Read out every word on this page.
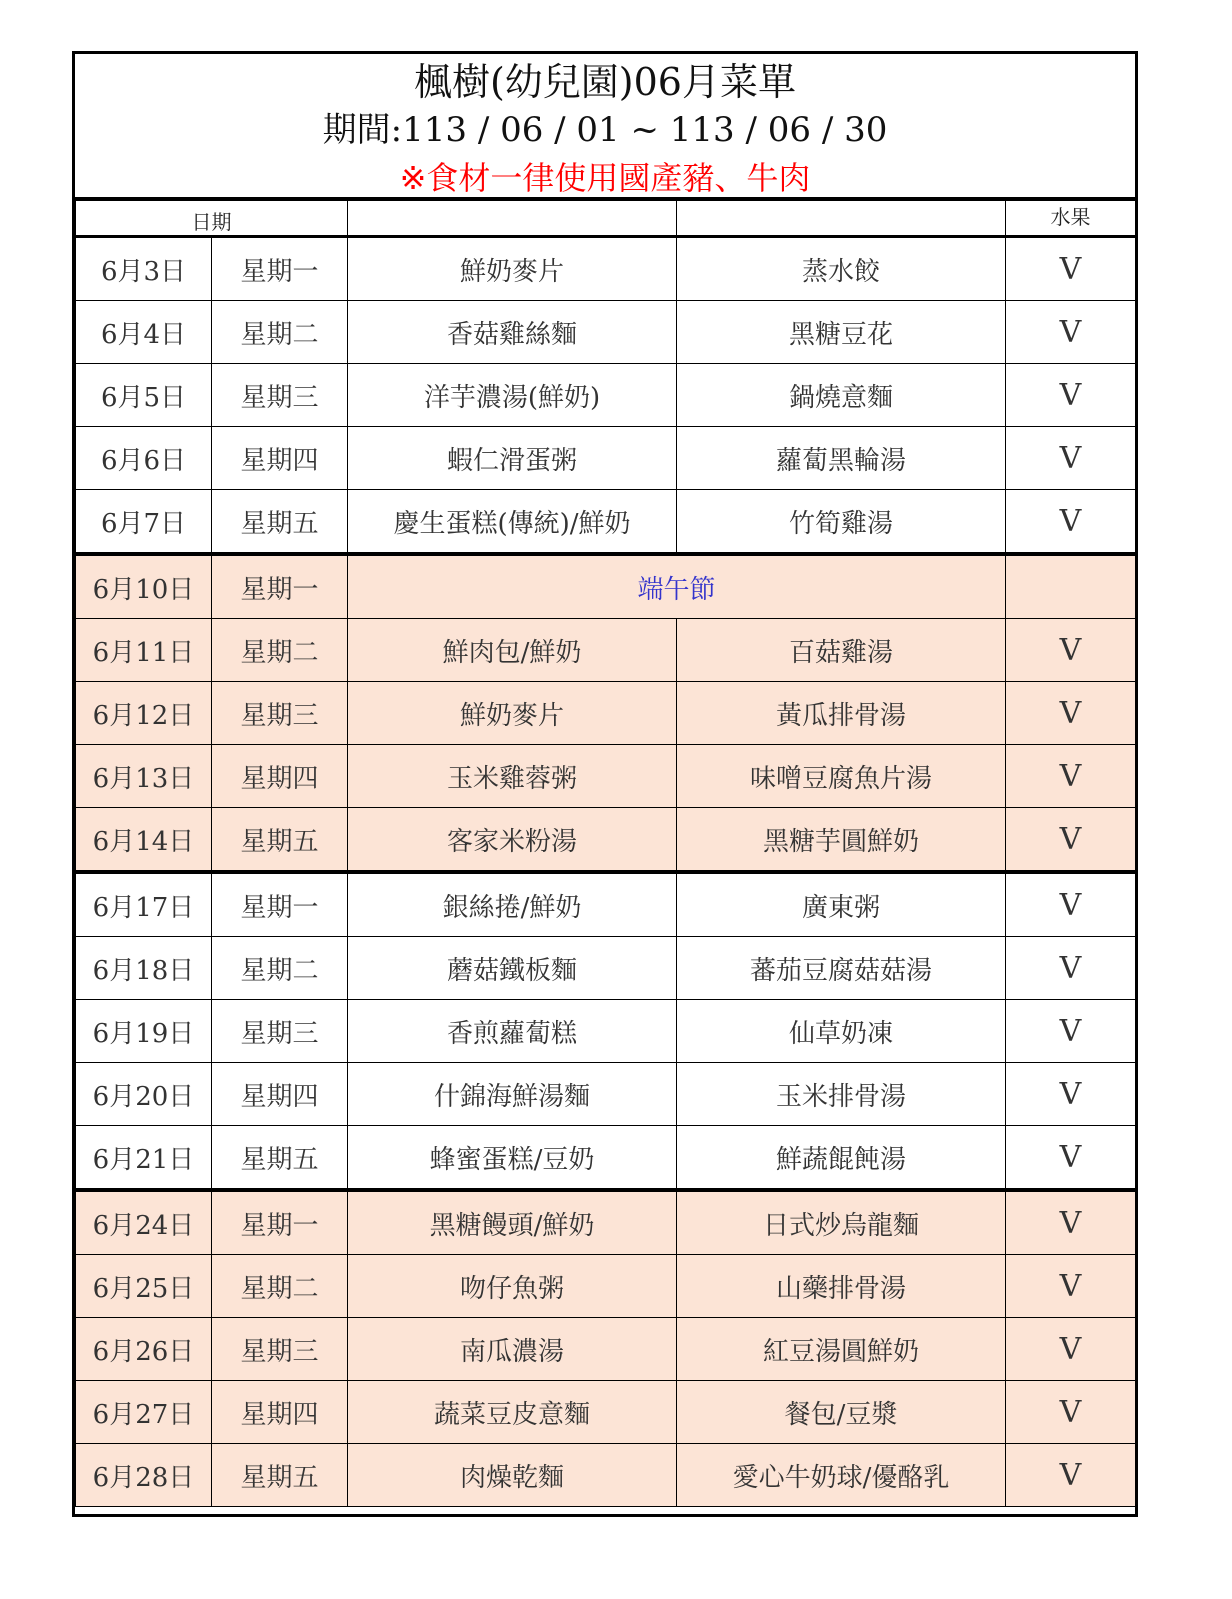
楓樹(幼兒園)06月菜單
期間:113 / 06 / 01 ~ 113 / 06 / 30
※食材一律使用國產豬、牛肉
日期				水果
6月3日	星期一	鮮奶麥片	蒸水餃	V
6月4日	星期二	香菇雞絲麵	黑糖豆花	V
6月5日	星期三	洋芋濃湯(鮮奶)	鍋燒意麵	V
6月6日	星期四	蝦仁滑蛋粥	蘿蔔黑輪湯	V
6月7日	星期五	慶生蛋糕(傳統)/鮮奶	竹筍雞湯	V
6月10日	星期一	端午節		
6月11日	星期二	鮮肉包/鮮奶	百菇雞湯	V
6月12日	星期三	鮮奶麥片	黃瓜排骨湯	V
6月13日	星期四	玉米雞蓉粥	味噌豆腐魚片湯	V
6月14日	星期五	客家米粉湯	黑糖芋圓鮮奶	V
6月17日	星期一	銀絲捲/鮮奶	廣東粥	V
6月18日	星期二	蘑菇鐵板麵	蕃茄豆腐菇菇湯	V
6月19日	星期三	香煎蘿蔔糕	仙草奶凍	V
6月20日	星期四	什錦海鮮湯麵	玉米排骨湯	V
6月21日	星期五	蜂蜜蛋糕/豆奶	鮮蔬餛飩湯	V
6月24日	星期一	黑糖饅頭/鮮奶	日式炒烏龍麵	V
6月25日	星期二	吻仔魚粥	山藥排骨湯	V
6月26日	星期三	南瓜濃湯	紅豆湯圓鮮奶	V
6月27日	星期四	蔬菜豆皮意麵	餐包/豆漿	V
6月28日	星期五	肉燥乾麵	愛心牛奶球/優酪乳	V
